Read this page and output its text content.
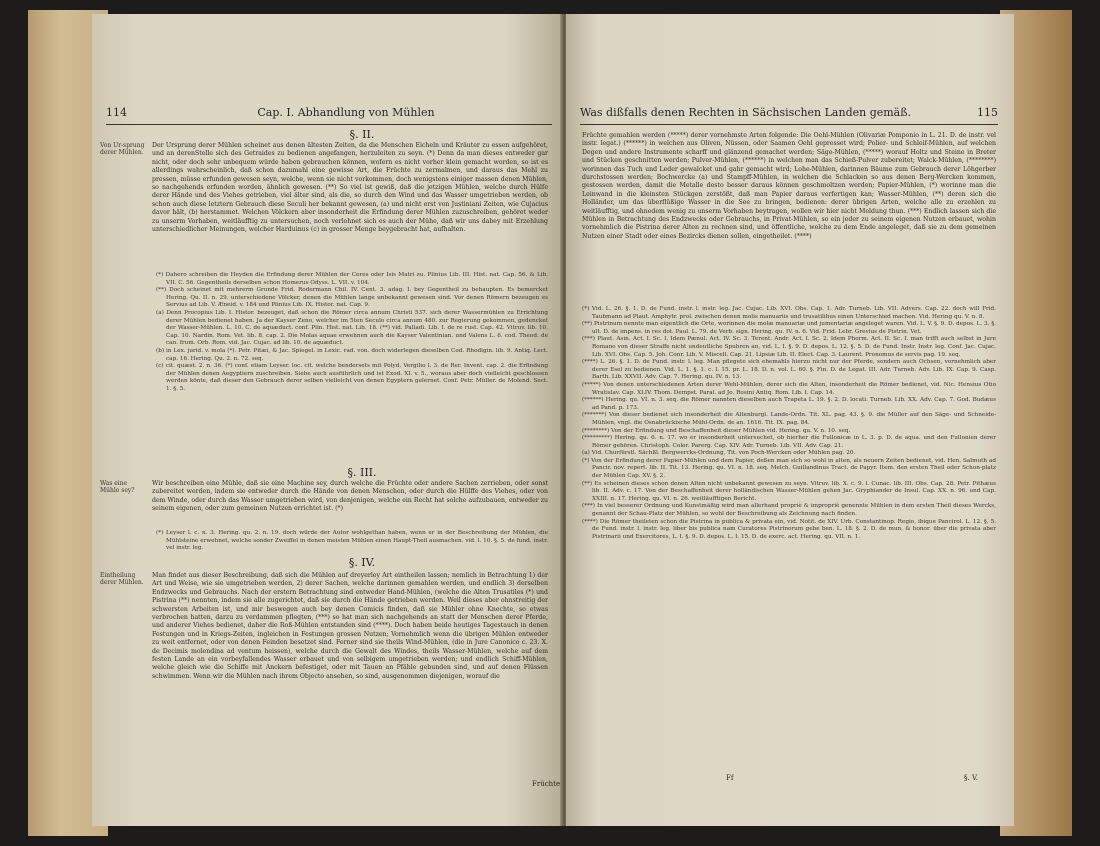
114	Cap. I. Abhandlung von Mühlen
§. II.
Von Ur-sprung derer Mühlen.
Der Ursprung derer Mühlen scheinet aus denen ältesten Zeiten, da die Menschen Eicheln und Kräuter zu essen aufgehöret, und an derenStelle sich des Getraides zu bedienen angefangen, herzuleiten zu seyn. (*) Denn da man dieses entweder gar nicht, oder doch sehr unbequem würde haben gebrauchen können, wofern es nicht vorher klein gemacht worden, so ist es allerdings wahrscheinlich, daß schon dazumahl eine gewisse Art, die Früchte zu zermalmen, und daraus das Mehl zu pressen, müsse erfunden gewesen seyn, welche, wenn sie nicht vorkommen, doch wenigstens einiger massen denen Mühlen, so nachgehends erfunden worden, ähnlich gewesen. (**) So viel ist gewiß, daß die jetzigen Mühlen, welche durch Hülfe derer Hände und des Viehes getrieben, viel älter sind, als die, so durch den Wind und das Wasser umgetrieben werden, ob schon auch diese letztern Gebrauch diese Seculi her bekannt gewesen, (a) und nicht erst von Justiniani Zeiten, wie Cujacius davor hält, (b) herstammet. Welchen Völckern aber insonderheit die Erfindung derer Mühlen zuzuschreiben, gehöret weder zu unserm Vorhaben, weitläufftig zu untersuchen, noch verlohnet sich es auch der Mühe, daß wir uns dabey mit Erzehlung unterschiedlicher Meinungen, welcher Harduinus (c) in grosser Menge beygebracht hat, aufhalten.

(*) Dahero schreiben die Heyden die Erfindung derer Mühlen der Ceres oder Isis Matri zu. Plinius Lib. III. Hist. nat. Cap. 56. & Lib. VII. C. 56. Gegentheils derselben schon Homerus Odyss. L. VII. v. 104.

(**) Doch scheinet mit mehrerm Grunde Frid. Rodermann Chil. IV. Cent. 3. adag. I. bey Gegentheil zu behaupten. Es bemercket Hering. Qu. II. n. 29. unterschiedene Völcker, denen die Mühlen lange unbekannt gewesen sind. Vor denen Römern bezeugen es Servius ad Lib. V. Æneid. v. 184 und Plinius Lib. IX. Histor. nat. Cap. 9.

(a) Denn Procopius Lib. I. Histor. bezeuget, daß schon die Römer circa annum Christi 537. sich derer Wassermühlen zu Errichtung derer Mühlen bedienet haben. Ja der Kayser Zeno, welcher im 5ten Seculo circa annum 480. zur Regierung gekommen, gedencket der Wasser-Mühlen. L. 10. C. de aquæduct. conf. Plin. Hist. nat. Lib. 18. (**) vid. Palladi. Lib. I. de re rust. Cap. 42. Vitruv. lib. 10. Cap. 10. Nardin. Rom. Vet. lib. 8. cap. 2. Die Molas aquae erwehnen auch die Kayser Valentinian. und Valens L. 6. cod. Theod. de can. frum. Orb. Rom. vid. Jac. Cujac. ad lib. 10. de aquæduct.

(b) in Lex. jurid. v. mola (*). Petr. Pitæi, & Jac. Spiegel. in Lexic. rad. von. doch widerlegen dieselben Cod. Rhodigin. lib. 9. Antiq. Lect. cap. 16. Hering. Qu. 2. n. 72. seq.

(c) cit. quæst. 2. n. 36. (*) conf. etiam Leyser. loc. cit. welche bendersets mit Polyd. Vergilio l. 3. de Rer. Invent. cap. 2. die Erfindung der Mühlen denen Aegyptiern zuschreiben. Siehe auch ausführlich und ist Exod. XI. v. 5., woraus aber doch vielleicht geschlossen werden könte, daß dieser den Gebrauch derer selben vielleicht von denen Egyptern gelernet. Conf. Petr. Müller. de Molend. Sect. 1. §. 5.

§. III.
Was eine Mühle sey?
Wir beschreiben eine Mühle, daß sie eine Machine sey, durch welche die Früchte oder andere Sachen zerrieben, oder sonst zubereitet werden, indem sie entweder durch die Hände von denen Menschen, oder durch die Hülffe des Viehes, oder von dem Winde, oder durch das Wasser umgetrieben wird, von denjenigen, welche ein Recht hat solche aufzubauen, entweder zu seinem eigenen, oder zum gemeinen Nutzen errichtet ist. (*)

(*) Leyser l. c. n. 3. Hering. qu. 2. n. 19. doch würde der Autor wohlgethan haben, wenn er in der Beschreibung der Mühlen, die Mühlsteine erwehnet, welche sonder Zweiffel in denen meisten Mühlen einen Haupt-Theil ausmachen. vid. l. 10. §. 5. de fund. instr. vel instr. leg.

§. IV.
Eintheilung derer Mühlen.
Man findet aus dieser Beschreibung, daß sich die Mühlen auf dreyerley Art eintheilen lassen; nemlich in Betrachtung 1) der Art und Weise, wie sie umgetrieben werden, 2) derer Sachen, welche darinnen gemahlen werden, und endlich 3) derselben Endzwecks und Gebrauchs. Nach der erstern Betrachtung sind entweder Hand-Mühlen, (welche die Alten Trusatiles (*) und Pistrina (**) nennten, indem sie alle zugerichtet, daß sie durch die Hände getrieben werden. Weil dieses aber ohnstreitig der schwersten Arbeiten ist, und mir beswegen auch bey denen Comicis finden, daß sie Mühler ohne Knechte, so etwas verbrochen hatten, darzu zu verdammen pflegten, (***) so hat man sich nachgehends an statt der Menschen derer Pferde, und anderer Viehes bedienet, daher die Roß-Mühlen entstanden sind (****). Doch haben beide heutiges Tagestauch in denen Festungen und in Kriegs-Zeiten, ingleichen in Festungen grossen Nutzen; Vornehmlich wenn die übrigen Mühlen entweder zu weit entfernet, oder von denen Feinden besetzet sind. Ferner sind sie theils Wind-Mühlen, (die in Jure Canonico c. 23. X. de Decimis molendina ad ventum heissen), welche durch die Gewalt des Windes, theils Wasser-Mühlen, welche auf dem festen Lande an ein vorbeyfallendes Wasser erbauet und von selbigem umgetrieben werden; und endlich Schiff-Mühlen, welche gleich wie die Schiffe mit Anckern befestiget, oder mit Tauen an Pfähle gebunden sind, und auf denen Flüssen schwimmen. Wenn wir die Mühlen nach ihrem Objecto ansehen, so sind, ausgenommen diejenigen, worauf die
Früchte
Was dißfalls denen Rechten in Sächsischen Landen gemäß.	115
Früchte gemahlen werden (*****) derer vornehmste Arten folgende: Die Oehl-Mühlen (Olivariæ Pomponio in L. 21. D. de instr. vel instr. legat.) (******) in welchen aus Oliven, Nüssen, oder Saamen Oehl gepresset wird; Polier- und Schleif-Mühlen, auf welchen Degen und andere Instrumente scharff und glänzend gemachet werden; Säge-Mühlen, (*****) worauf Holtz und Steine in Breter und Stücken geschnitten werden; Pulver-Mühlen, (******) in welchen man das Schieß-Pulver zubereitet; Walck-Mühlen, (********) worinnen das Tuch und Leder gewalcket und gahr gemacht wird; Lohe-Mühlen, darinnen Bäume zum Gebrauch derer Löhgerber durchstossen werden; Bochwercke (a) und Stampff-Mühlen, in welchen die Schlacken so aus denen Berg-Wercken kommen, gestossen werden, damit die Metalle desto besser daraus können geschmoltzen werden; Papier-Mühlen, (*) worinne man die Leinwand in die kleinsten Stückgen zerstößt, daß man Papier daraus verfertigen kan; Wasser-Mühlen, (**) deren sich die Holländer, um das überflüßige Wasser in die See zu bringen, bedienen: derer übrigen Arten, welche alle zu erzehlen zu weitläufftig, und ohnedem wenig zu unserm Vorhaben beytragen, wollen wir hier nicht Meldung thun. (***) Endlich lassen sich die Mühlen in Betrachtung des Endzwecks oder Gebrauchs, in Privat-Mühlen, so ein jeder zu seinem eigenen Nutzen erbauet, wohin vornehmlich die Pistrina derer Alten zu rechnen sind, und öffentliche, welche zu dem Ende angeleget, daß sie zu dem gemeinen Nutzen einer Stadt oder eines Bezircks dienen sollen, eingetheilet. (****)

(*) Vid. L. 26. §. 1. D. de Fund. instr. l. instr. leg. Jac. Cujac. Lib. XVI. Obs. Cap. 1. Adr. Turneb. Lib. VII. Advers. Cap. 22. doch will Frid. Taubmann ad Plaut. Amphytr. prol. zwischen denen molis manuariis und trusatilibus einen Unterschied machen. Vid. Hering qu. V. n. 8.

(**) Pistrinum nennte man eigentlich die Orte, worinnen die molæ manuariæ und jumentariæ angeleget waren. Vid. L. V. §. 9. D. depos. L. 3. §. ult. D. de impens. in res dot. Paul. L. 79. de Verb. sign. Hering. qu. IV. n. 6. Vid. Frid. Lebr. Grevius de Pistrin. Vet.

(***) Plaut. Asin. Act. I. Sc. I. Idem Pænul. Act. IV. Sc. 3. Terent. Andr. Act. I. Sc. 2. Idem Phorm. Act. II. Sc. I. man trifft auch selbst in Jure Romano von dieser Straffe nicht undeutliche Spuhren an, vid. L. I. §. 9. D. depos. L. 12. §. 5. D. de Fund. Instr. Instr. leg. Conf. Jac. Cujac. Lib. XVI. Obs. Cap. 5. Joh. Conr. Lib. V. Miscell. Cap. 21. Lipsiæ Lib. II. Elect. Cap. 3. Laurent. Pronomus de servis pag. 19. seq.

(****) L. 26. §. 1. D. de Fund. instr. l. leg. Man pflegete sich ehemahls hierzu nicht nur der Pferde, sondern auch Ochsen, vornehmlich aber derer Esel zu bedienen. Vid. L. 1. §. 1. c. l. 15. pr. L. 18. D. n. vol. L. 60. §. Fin. D. de Legat. III. Adr. Turneb. Adv. Lib. IX. Cap. 9. Casp. Barth. Lib. XXVII. Adv. Cap. 7. Hering. qu. IV. n. 13.

(*****) Von denen unterschiedenen Arten derer Wehl-Mühlen, derer sich die Alten, insonderheit die Römer bedienet, vid. Nic. Hensius Otio Wratislav. Cap. XLIV. Thom. Dempst. Paral. ad Jo. Rosini Antiq. Rom. Lib. I. Cap. 14.

(******) Hering. qu. VI. n. 3. seq. die Römer nannten dieselben auch Trapeta L. 19. §. 2. D. locati. Turneb. Lib. XX. Adv. Cap. 7. God. Budæus ad Pand. p. 173.

(*******) Von dieser bedienet sich insonderheit die Altenburgl. Lande-Ordn. Tit. XL. pag. 43. §. 9. die Müller auf den Säge- und Schneide-Mühlen, vngl. die Osnabrückische Mühl-Ordn. de an. 1616. Tit. IX. pag. 84.

(********) Von der Erfindung und Beschaffenheit dieser Mühlen vid. Hering. qu. V. n. 10. seq.

(*********) Hering. qu. 6. n. 17. wo er insonderheit untersuchet, ob hierher die Fullonicæ in L. 3. p. D. de aqua. und den Fullonien derer Römer gehören. Christoph. Coler. Parerg. Cap. XIV. Adr. Turneb. Lib. VII. Adv. Cap. 21.

(a) Vid. Churfürstl. Sächßl. Bergwercks-Ordnung, Tit. von Poch-Wercken oder Mühlen pag. 20.

(*) Von der Erfindung derer Papier-Mühlen und dem Papier, deßen man sich so wohl in alten, als neuern Zeiten bedienet, vid. Hen. Salmuth ad Pancir. nov. repert. lib. II. Tit. 13. Hering. qu. VI. n. 18. seq. Melch. Guillandinus Tract. de Papyr. Item. den ersten Theil oder Schon-platz der Mühlen Cap. XV. §. 2.

(**) Es scheinen dieses schon denen Alten nicht unbekannt gewesen zu seyn. Vitruv. lib. X. c. 9. l. Cunac. lib. III. Obs. Cap. 28. Petr. Pithæus lib. II. Adv. c. 17. Von der Beschaffenheit derer holländischen Wasser-Mühlen gehen Jac. Gryphiander de Insul. Cap. XX. n. 96. und Cap. XXIII. n. 17. Hering. qu. VI. n. 26. weitläufftigen Bericht.

(***) In viel besserer Ordnung und Kunstmäßig wird man allerhand propriè & impropriè genennte Mühlen in dem ersten Theil dieses Wercks, genannt der Schau-Platz der Mühlen, so wohl der Beschreibung als Zeichnung nach finden.

(****) Die Römer theileten schon die Pistrina in publica & privata ein, vid. Notit. de XIV. Urb. Constantinop. Regio, ibique Pancirol. L. 12. §. 5. de Fund. instr. l. instr. leg. liber bis publica nam Curatores Pistrinorum gebe ben. L. 18. §. 2. D. de mun. & honor. über die privata aber Pistrinarii und Exercitores, L. I. §. 9. D. depos. L. I. 15. D. de exerc. act. Hering. qu. VII. n. 1.

Ff	§. V.
